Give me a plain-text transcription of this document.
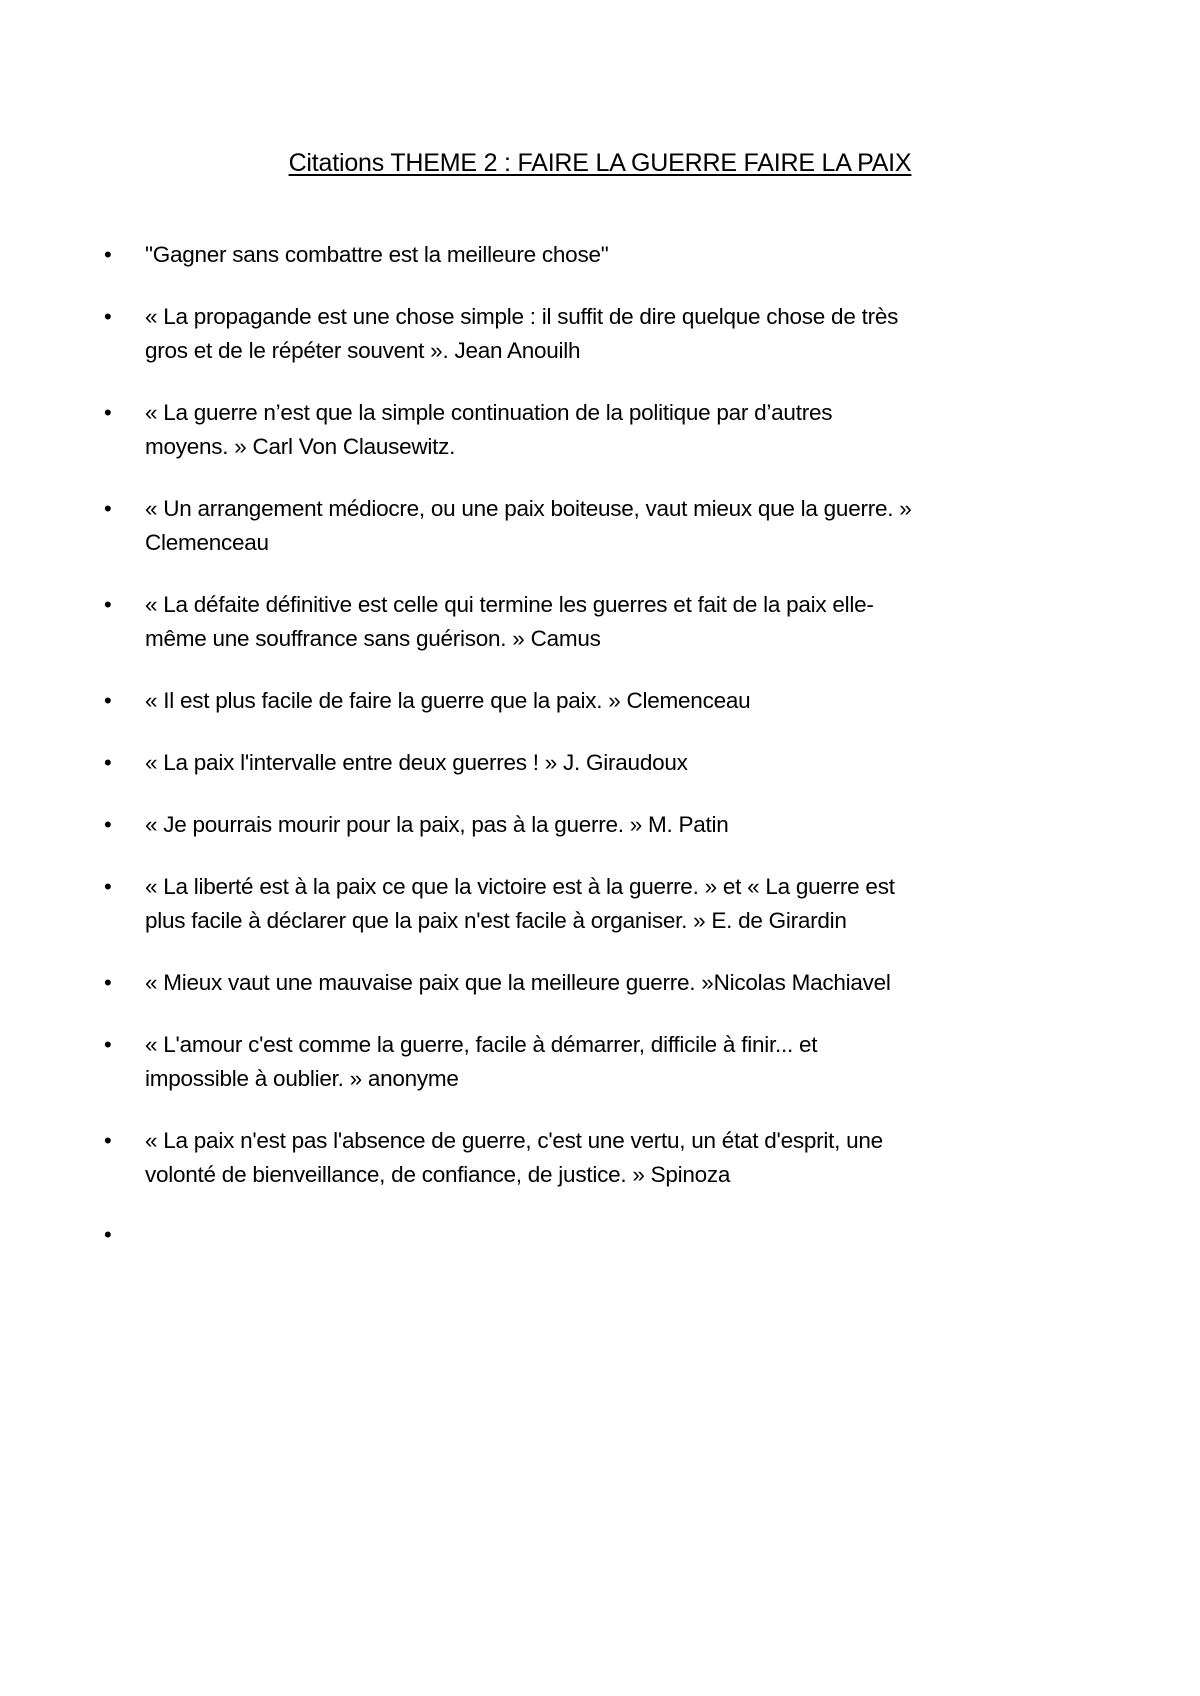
Citations THEME 2 : FAIRE LA GUERRE FAIRE LA PAIX
• "Gagner sans combattre est la meilleure chose"
• « La propagande est une chose simple : il suffit de dire quelque chose de très
gros et de le répéter souvent ». Jean Anouilh
• « La guerre n’est que la simple continuation de la politique par d’autres
moyens. » Carl Von Clausewitz.
• « Un arrangement médiocre, ou une paix boiteuse, vaut mieux que la guerre. »
Clemenceau
• « La défaite définitive est celle qui termine les guerres et fait de la paix elle-
même une souffrance sans guérison. » Camus
• « Il est plus facile de faire la guerre que la paix. » Clemenceau
• « La paix l'intervalle entre deux guerres ! » J. Giraudoux
• « Je pourrais mourir pour la paix, pas à la guerre. » M. Patin
• « La liberté est à la paix ce que la victoire est à la guerre. » et « La guerre est
plus facile à déclarer que la paix n'est facile à organiser. » E. de Girardin
• « Mieux vaut une mauvaise paix que la meilleure guerre. »Nicolas Machiavel
• « L'amour c'est comme la guerre, facile à démarrer, difficile à finir... et
impossible à oublier. » anonyme
• « La paix n'est pas l'absence de guerre, c'est une vertu, un état d'esprit, une
volonté de bienveillance, de confiance, de justice. » Spinoza
•
